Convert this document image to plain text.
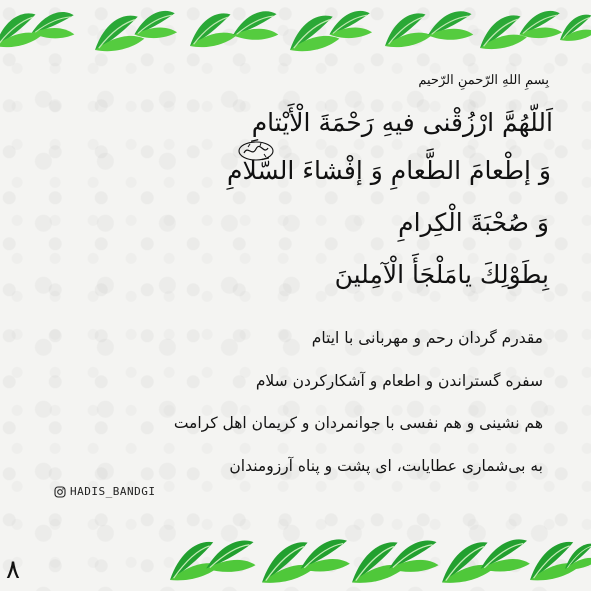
بِسمِ اللهِ الرّحمنِ الرّحیم
اَللّهُمَّ ارْزُقْنى فيهِ رَحْمَةَ الْأَيْتامِ
وَ إطْعامَ الطَّعامِ وَ إفْشاءَ السَّلامِ
وَ صُحْبَةَ الْكِرامِ
بِطَوْلِكَ يامَلْجَأَ الْآمِلينَ
مقدرم گردان رحم و مهربانى با ايتام
سفره گستراندن و اطعام و آشکارکردن سلام
هم نشينى و هم نفسى با جوانمردان و کريمان اهل کرامت
به بى‌شمارى عطاياىت، اى پشت و پناه آرزومندان
HADIS_BANDGI
٨
